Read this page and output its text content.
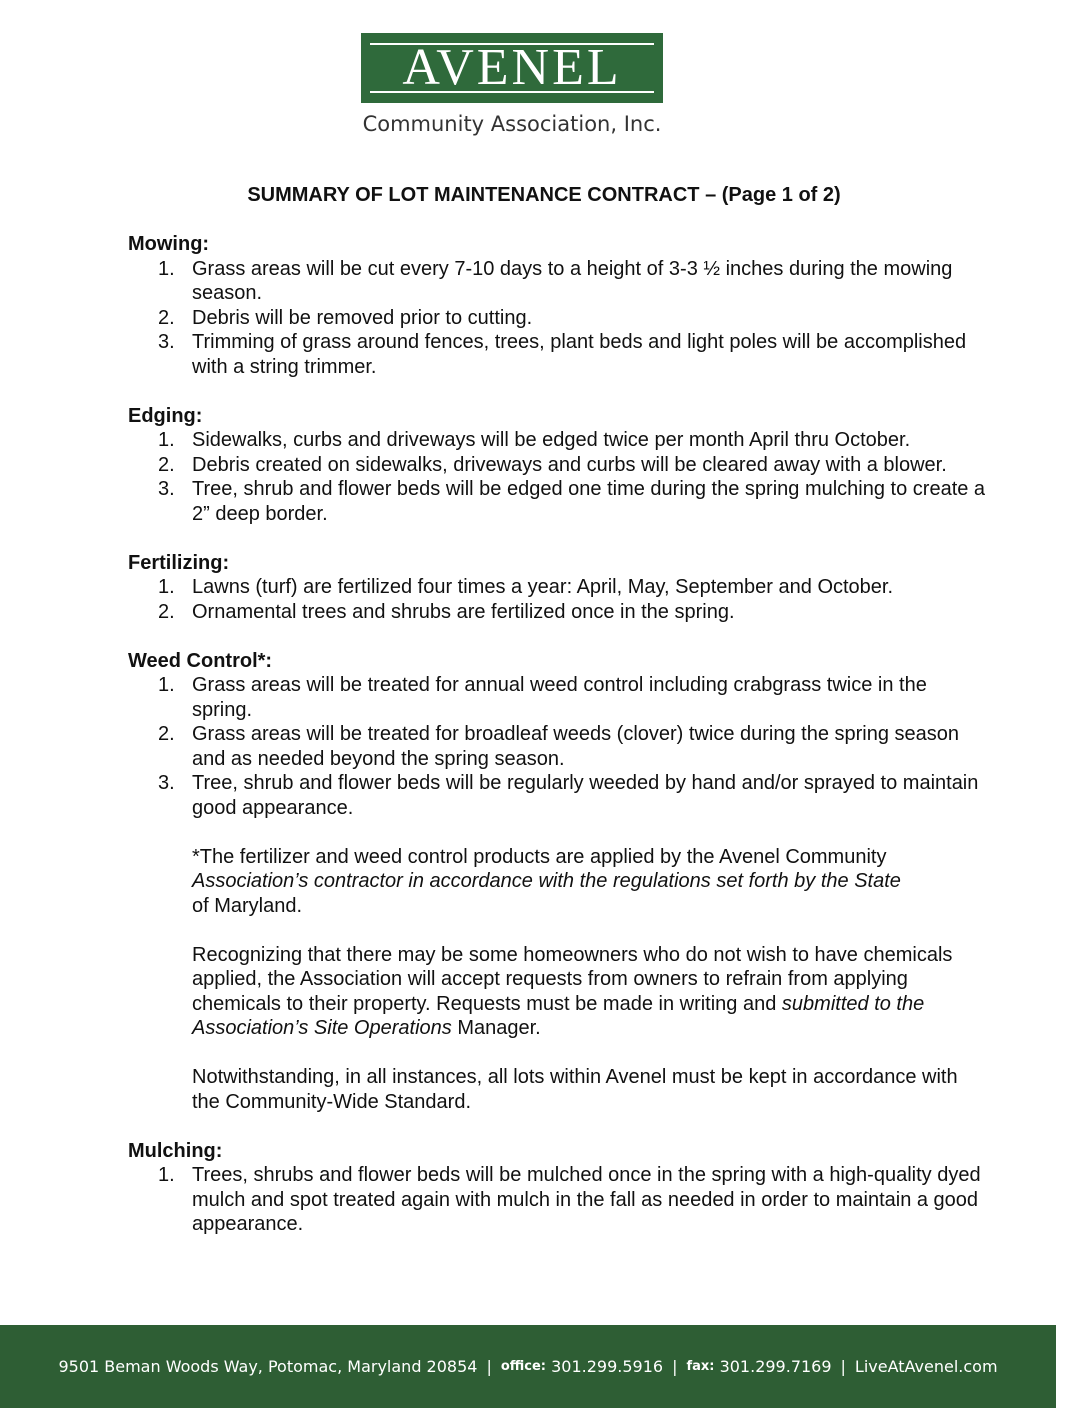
AVENEL
Community Association, Inc.
SUMMARY OF LOT MAINTENANCE CONTRACT – (Page 1 of 2)

Mowing:

1. Grass areas will be cut every 7-10 days to a height of 3-3 ½ inches during the mowing season.
2. Debris will be removed prior to cutting.
3. Trimming of grass around fences, trees, plant beds and light poles will be accomplished with a string trimmer.

Edging:

1. Sidewalks, curbs and driveways will be edged twice per month April thru October.
2. Debris created on sidewalks, driveways and curbs will be cleared away with a blower.
3. Tree, shrub and flower beds will be edged one time during the spring mulching to create a 2” deep border.

Fertilizing:

1. Lawns (turf) are fertilized four times a year: April, May, September and October.
2. Ornamental trees and shrubs are fertilized once in the spring.

Weed Control*:

1. Grass areas will be treated for annual weed control including crabgrass twice in the spring.
2. Grass areas will be treated for broadleaf weeds (clover) twice during the spring season and as needed beyond the spring season.
3. Tree, shrub and flower beds will be regularly weeded by hand and/or sprayed to maintain good appearance.

*The fertilizer and weed control products are applied by the Avenel Community
Association’s contractor in accordance with the regulations set forth by the State
of Maryland.

Recognizing that there may be some homeowners who do not wish to have chemicals applied, the Association will accept requests from owners to refrain from applying chemicals to their property. Requests must be made in writing and submitted to the Association’s Site Operations Manager.

Notwithstanding, in all instances, all lots within Avenel must be kept in accordance with the Community-Wide Standard.

Mulching:

1. Trees, shrubs and flower beds will be mulched once in the spring with a high-quality dyed mulch and spot treated again with mulch in the fall as needed in order to maintain a good appearance.
9501 Beman Woods Way, Potomac, Maryland 20854 | office:
301.299.5916 | fax:
301.299.7169 | LiveAtAvenel.com
